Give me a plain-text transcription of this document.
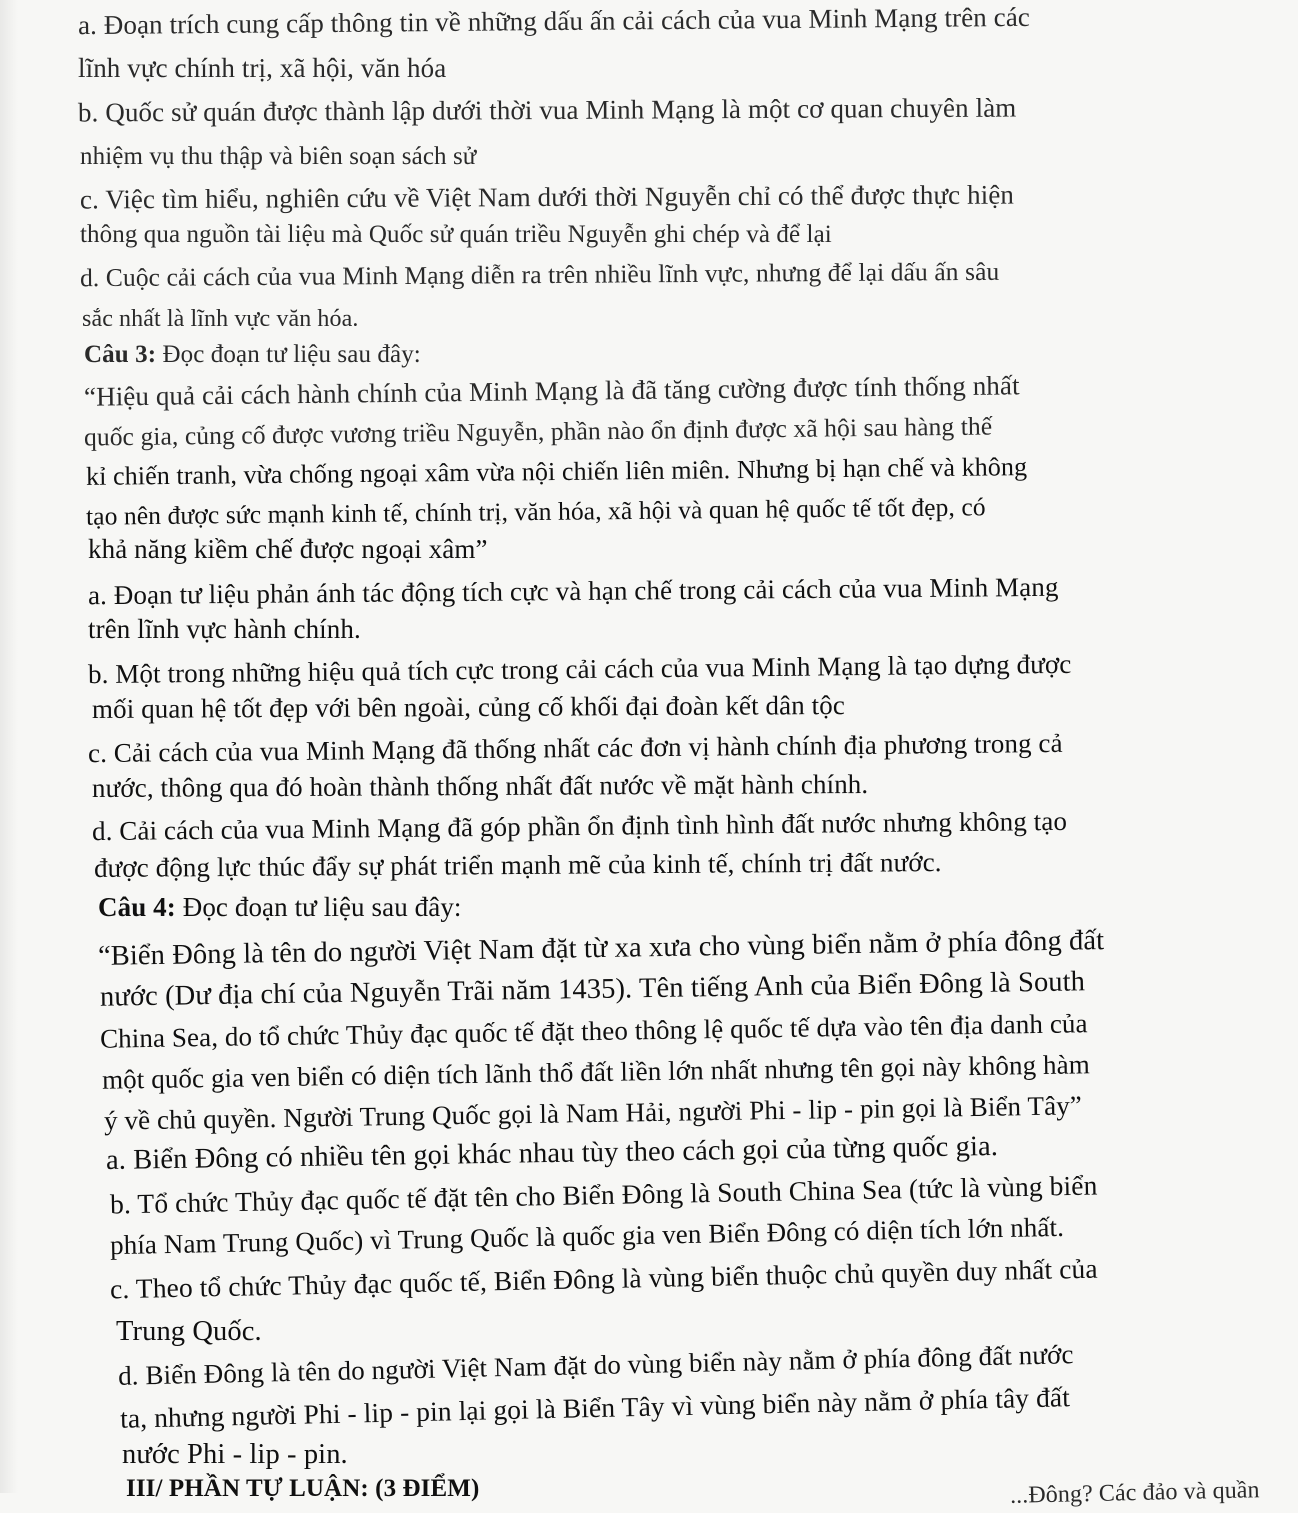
a. Đoạn trích cung cấp thông tin về những dấu ấn cải cách của vua Minh Mạng trên các
lĩnh vực chính trị, xã hội, văn hóa
b. Quốc sử quán được thành lập dưới thời vua Minh Mạng là một cơ quan chuyên làm
nhiệm vụ thu thập và biên soạn sách sử
c. Việc tìm hiểu, nghiên cứu về Việt Nam dưới thời Nguyễn chỉ có thể được thực hiện
thông qua nguồn tài liệu mà Quốc sử quán triều Nguyễn ghi chép và để lại
d. Cuộc cải cách của vua Minh Mạng diễn ra trên nhiều lĩnh vực, nhưng để lại dấu ấn sâu
sắc nhất là lĩnh vực văn hóa.
Câu 3: Đọc đoạn tư liệu sau đây:
“Hiệu quả cải cách hành chính của Minh Mạng là đã tăng cường được tính thống nhất
quốc gia, củng cố được vương triều Nguyễn, phần nào ổn định được xã hội sau hàng thế
kỉ chiến tranh, vừa chống ngoại xâm vừa nội chiến liên miên. Nhưng bị hạn chế và không
tạo nên được sức mạnh kinh tế, chính trị, văn hóa, xã hội và quan hệ quốc tế tốt đẹp, có
khả năng kiềm chế được ngoại xâm”
a. Đoạn tư liệu phản ánh tác động tích cực và hạn chế trong cải cách của vua Minh Mạng
trên lĩnh vực hành chính.
b. Một trong những hiệu quả tích cực trong cải cách của vua Minh Mạng là tạo dựng được
mối quan hệ tốt đẹp với bên ngoài, củng cố khối đại đoàn kết dân tộc
c. Cải cách của vua Minh Mạng đã thống nhất các đơn vị hành chính địa phương trong cả
nước, thông qua đó hoàn thành thống nhất đất nước về mặt hành chính.
d. Cải cách của vua Minh Mạng đã góp phần ổn định tình hình đất nước nhưng không tạo
được động lực thúc đẩy sự phát triển mạnh mẽ của kinh tế, chính trị đất nước.
Câu 4: Đọc đoạn tư liệu sau đây:
“Biển Đông là tên do người Việt Nam đặt từ xa xưa cho vùng biển nằm ở phía đông đất
nước (Dư địa chí của Nguyễn Trãi năm 1435). Tên tiếng Anh của Biển Đông là South
China Sea, do tổ chức Thủy đạc quốc tế đặt theo thông lệ quốc tế dựa vào tên địa danh của
một quốc gia ven biển có diện tích lãnh thổ đất liền lớn nhất nhưng tên gọi này không hàm
ý về chủ quyền. Người Trung Quốc gọi là Nam Hải, người Phi - lip - pin gọi là Biển Tây”
a. Biển Đông có nhiều tên gọi khác nhau tùy theo cách gọi của từng quốc gia.
b. Tổ chức Thủy đạc quốc tế đặt tên cho Biển Đông là South China Sea (tức là vùng biển
phía Nam Trung Quốc) vì Trung Quốc là quốc gia ven Biển Đông có diện tích lớn nhất.
c. Theo tổ chức Thủy đạc quốc tế, Biển Đông là vùng biển thuộc chủ quyền duy nhất của
Trung Quốc.
d. Biển Đông là tên do người Việt Nam đặt do vùng biển này nằm ở phía đông đất nước
ta, nhưng người Phi - lip - pin lại gọi là Biển Tây vì vùng biển này nằm ở phía tây đất
nước Phi - lip - pin.
III/ PHẦN TỰ LUẬN: (3 ĐIỂM)	...Đông? Các đảo và quần
